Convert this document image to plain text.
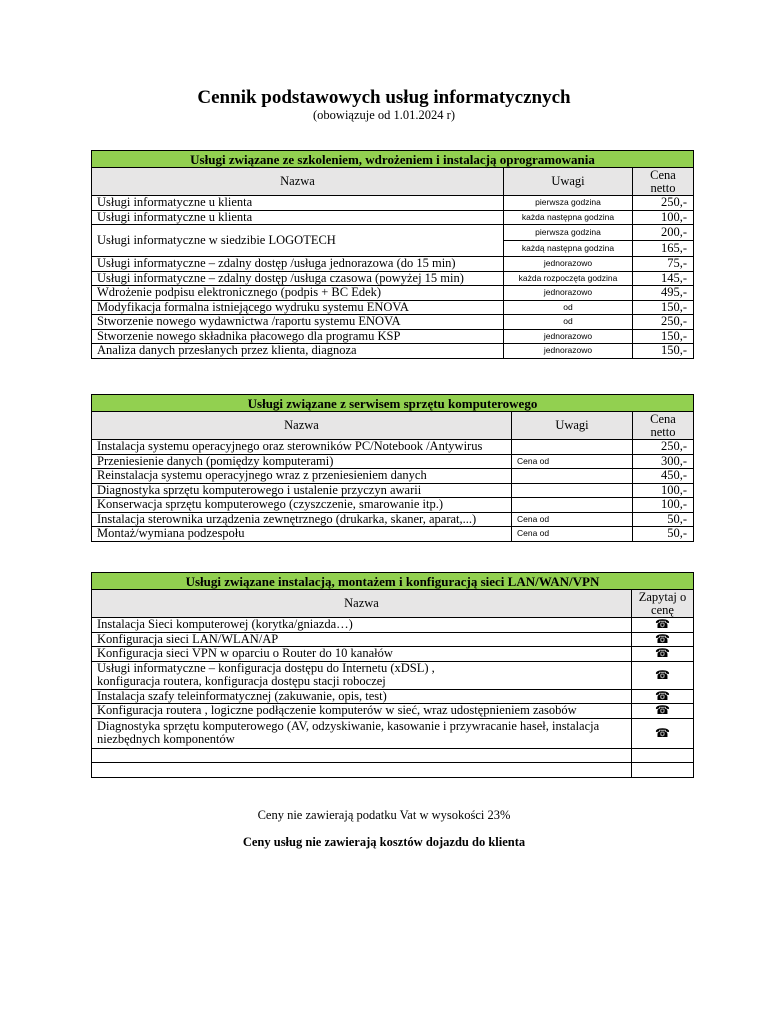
Cennik podstawowych usług informatycznych
(obowiązuje od 1.01.2024 r)
Usługi związane ze szkoleniem, wdrożeniem i instalacją oprogramowania		
Nazwa	Uwagi	Cena netto
Usługi informatyczne u klienta	pierwsza godzina	250,-
Usługi informatyczne u klienta	każda następna godzina	100,-
Usługi informatyczne w siedzibie LOGOTECH	pierwsza godzina	200,-
	każdą następna godzina	165,-
Usługi informatyczne – zdalny dostęp /usługa jednorazowa (do 15 min)	jednorazowo	75,-
Usługi informatyczne – zdalny dostęp /usługa czasowa (powyżej 15 min)	każda rozpoczęta godzina	145,-
Wdrożenie podpisu elektronicznego (podpis + BC Edek)	jednorazowo	495,-
Modyfikacja formalna istniejącego wydruku systemu ENOVA	od	150,-
Stworzenie nowego wydawnictwa /raportu systemu ENOVA	od	250,-
Stworzenie nowego składnika płacowego dla programu KSP	jednorazowo	150,-
Analiza danych przesłanych przez klienta, diagnoza	jednorazowo	150,-
Usługi związane z serwisem sprzętu komputerowego		
Nazwa	Uwagi	Cena netto
Instalacja systemu operacyjnego oraz sterowników PC/Notebook /Antywirus		250,-
Przeniesienie danych (pomiędzy komputerami)	Cena od	300,-
Reinstalacja systemu operacyjnego wraz z przeniesieniem danych		450,-
Diagnostyka sprzętu komputerowego i ustalenie przyczyn awarii		100,-
Konserwacja sprzętu komputerowego (czyszczenie, smarowanie itp.)		100,-
Instalacja sterownika urządzenia zewnętrznego (drukarka, skaner, aparat,...)	Cena od	50,-
Montaż/wymiana podzespołu	Cena od	50,-
Usługi związane instalacją, montażem i konfiguracją sieci LAN/WAN/VPN	
Nazwa	Zapytaj o cenę
Instalacja Sieci komputerowej (korytka/gniazda…)	☎
Konfiguracja sieci LAN/WLAN/AP	☎
Konfiguracja sieci VPN w oparciu o Router do 10 kanałów	☎

Usługi informatyczne – konfiguracja dostępu do Internetu (xDSL) ,
konfiguracja routera, konfiguracja dostępu stacji roboczej	☎
Instalacja szafy teleinformatycznej (zakuwanie, opis, test)	☎
Konfiguracja routera , logiczne podłączenie komputerów w sieć, wraz udostępnieniem zasobów	☎

Diagnostyka sprzętu komputerowego (AV, odzyskiwanie, kasowanie i przywracanie haseł, instalacja
niezbędnych komponentów	☎

Ceny nie zawierają podatku Vat w wysokości 23%
Ceny usług nie zawierają kosztów dojazdu do klienta
